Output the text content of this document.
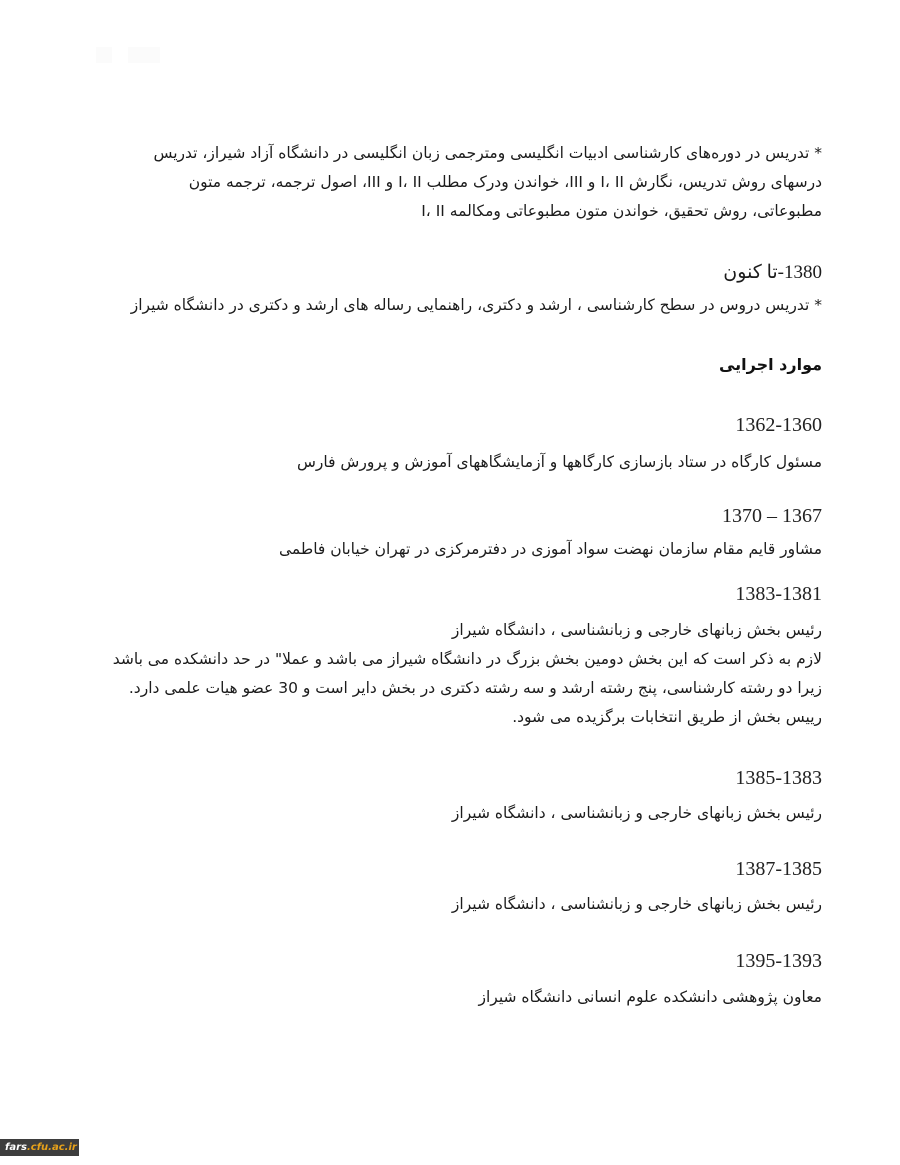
* تدریس در دوره‌های کارشناسی ادبیات انگلیسی ومترجمی زبان انگلیسی در دانشگاه آزاد شیراز، تدریس
درسهای روش تدریس، نگارش I، II و III، خواندن ودرک مطلب I، II و III، اصول ترجمه، ترجمه متون
مطبوعاتی، روش تحقیق، خواندن متون مطبوعاتی ومکالمه I، II
1380-تا کنون
* تدریس دروس در سطح کارشناسی ، ارشد و دکتری، راهنمایی رساله های ارشد و دکتری در دانشگاه شیراز
موارد اجرایی
1362-1360
مسئول کارگاه در ستاد بازسازی کارگاهها و آزمایشگاههای آموزش و پرورش فارس
1370 – 1367
مشاور قایم مقام سازمان نهضت سواد آموزی در دفترمرکزی در تهران خیابان فاطمی
1383-1381
رئیس بخش زبانهای خارجی و زبانشناسی ، دانشگاه شیراز
لازم به ذکر است که این بخش دومین بخش بزرگ در دانشگاه شیراز می باشد و عملا" در حد دانشکده می باشد
زیرا دو رشته کارشناسی، پنج رشته ارشد و سه رشته دکتری در بخش دایر است و 30 عضو هیات علمی دارد.
رییس بخش از طریق انتخابات برگزیده می شود.
1385-1383
رئیس بخش زبانهای خارجی و زبانشناسی ، دانشگاه شیراز
1387-1385
رئیس بخش زبانهای خارجی و زبانشناسی ، دانشگاه شیراز
1395-1393
معاون پژوهشی دانشکده علوم انسانی دانشگاه شیراز
fars.cfu.ac.ir
